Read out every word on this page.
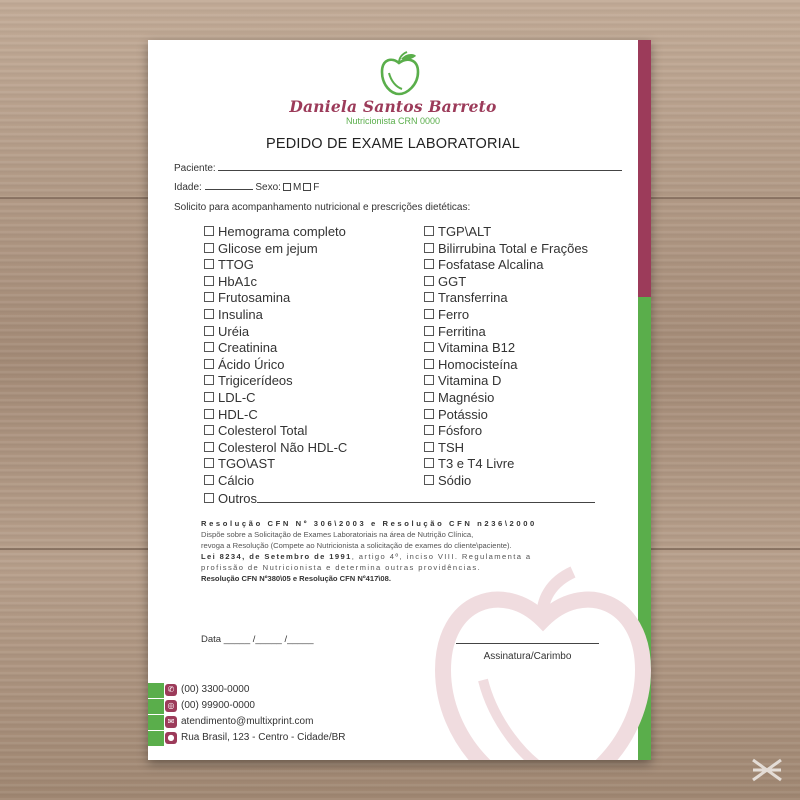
Daniela Santos Barreto
Nutricionista CRN 0000
PEDIDO DE EXAME LABORATORIAL
Paciente:
Idade:	Sexo: M F
Solicito para acompanhamento nutricional e prescrições dietéticas:
Hemograma completo
Glicose em jejum
TTOG
HbA1c
Frutosamina
Insulina
Uréia
Creatinina
Ácido Úrico
Trigicerídeos
LDL-C
HDL-C
Colesterol Total
Colesterol Não HDL-C
TGO\AST
Cálcio
Outros
TGP\ALT
Bilirrubina Total e Frações
Fosfatase Alcalina
GGT
Transferrina
Ferro
Ferritina
Vitamina B12
Homocisteína
Vitamina D
Magnésio
Potássio
Fósforo
TSH
T3 e T4 Livre
Sódio
Resolução CFN Nº 306\2003 e Resolução CFN n236\2000
Dispõe sobre a Solicitação de Exames Laboratoriais na área de Nutrição Clínica,
revoga a Resolução (Compete ao Nutricionista a solicitação de exames do cliente\paciente).
Lei 8234, de Setembro de 1991, artigo 4º, inciso VIII. Regulamenta a
profissão de Nutricionista e determina outras providências.
Resolução CFN Nº380\05 e Resolução CFN Nº417\08.
Data _____ /_____ /_____
Assinatura/Carimbo
✆ (00) 3300-0000
◎ (00) 99900-0000
✉ atendimento@multixprint.com
● Rua Brasil, 123 - Centro - Cidade/BR
